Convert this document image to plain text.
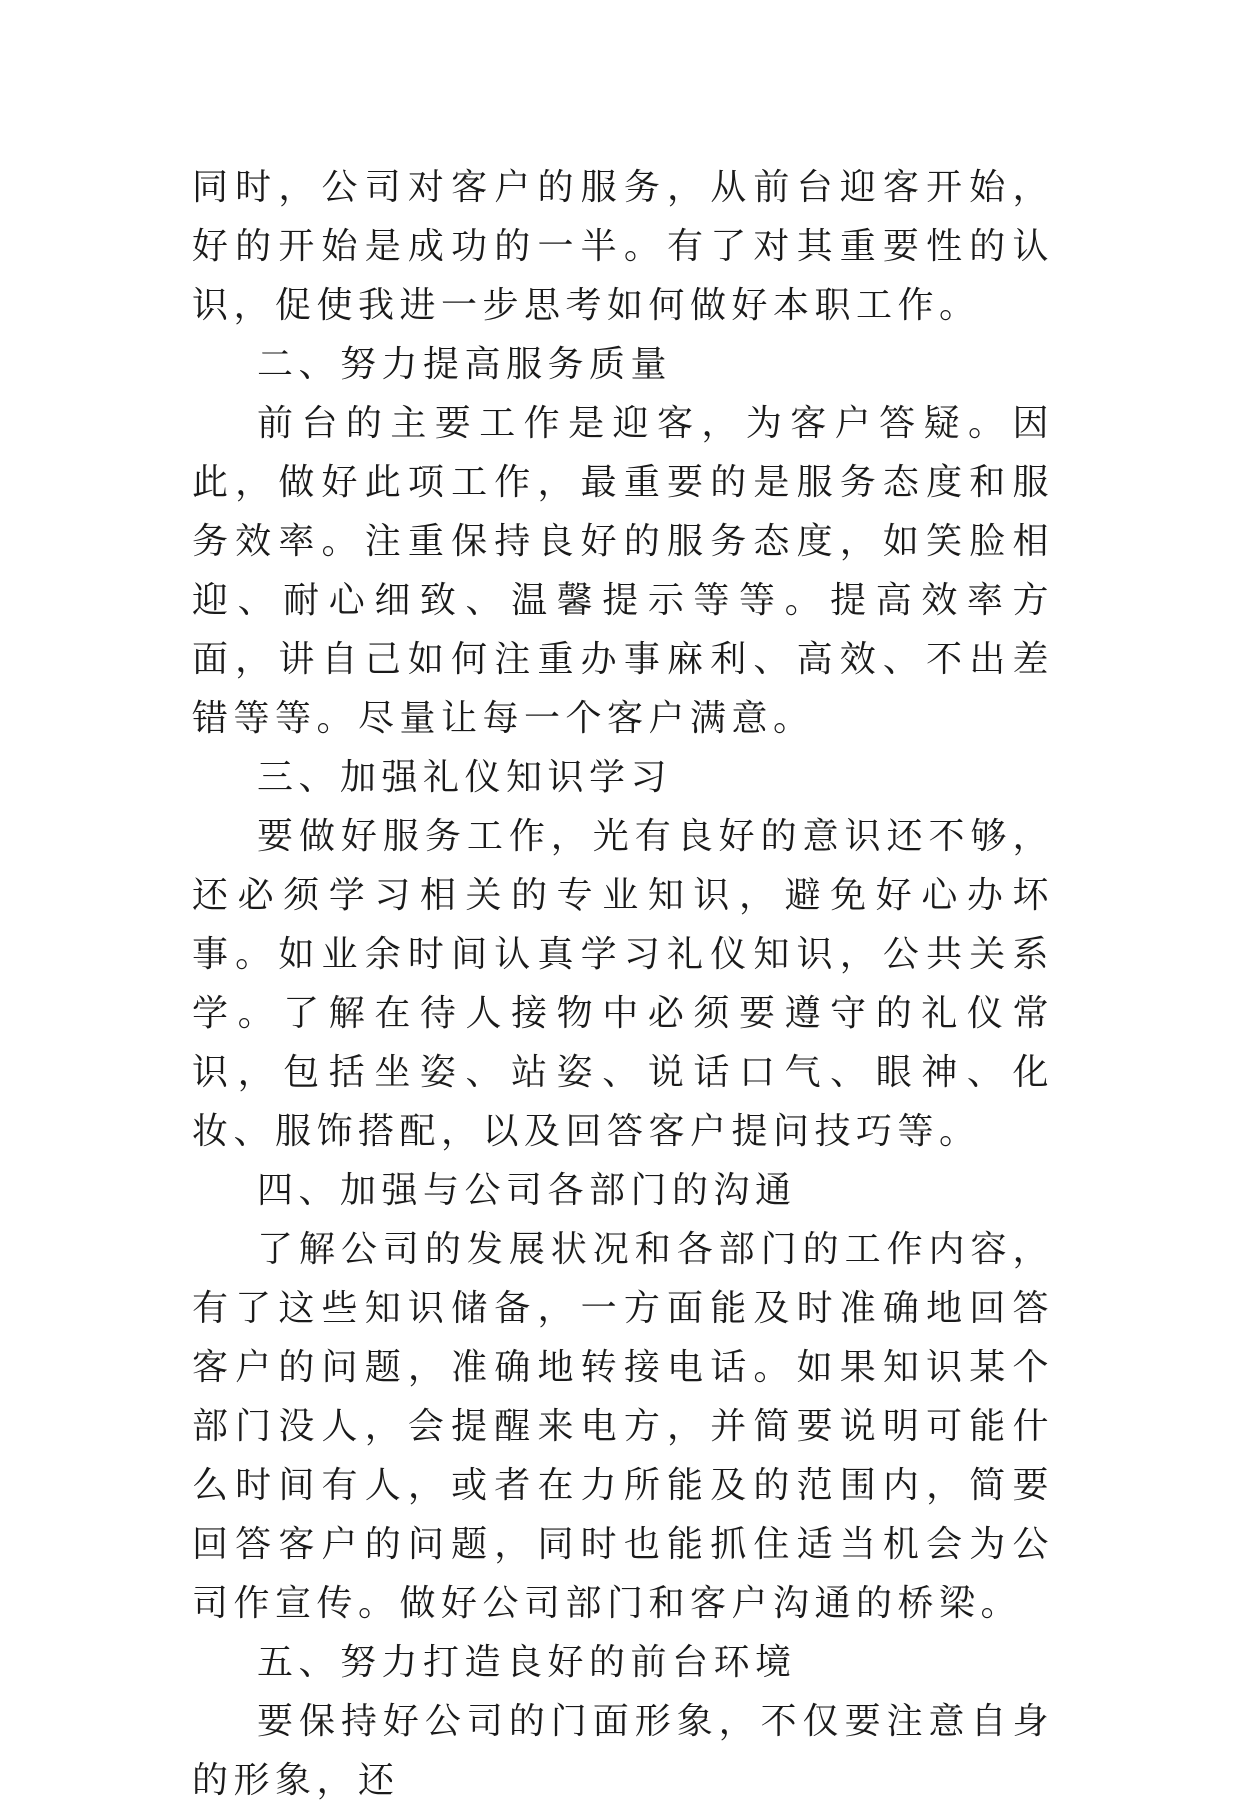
同时，公司对客户的服务，从前台迎客开始，好的开始是成功的一半。有了对其重要性的认识，促使我进一步思考如何做好本职工作。

二、努力提高服务质量

前台的主要工作是迎客，为客户答疑。因此，做好此项工作，最重要的是服务态度和服务效率。注重保持良好的服务态度，如笑脸相迎、耐心细致、温馨提示等等。提高效率方面，讲自己如何注重办事麻利、高效、不出差错等等。尽量让每一个客户满意。

三、加强礼仪知识学习

要做好服务工作，光有良好的意识还不够，还必须学习相关的专业知识，避免好心办坏事。如业余时间认真学习礼仪知识，公共关系学。了解在待人接物中必须要遵守的礼仪常识，包括坐姿、站姿、说话口气、眼神、化妆、服饰搭配，以及回答客户提问技巧等。

四、加强与公司各部门的沟通

了解公司的发展状况和各部门的工作内容，有了这些知识储备，一方面能及时准确地回答客户的问题，准确地转接电话。如果知识某个部门没人，会提醒来电方，并简要说明可能什么时间有人，或者在力所能及的范围内，简要回答客户的问题，同时也能抓住适当机会为公司作宣传。做好公司部门和客户沟通的桥梁。

五、努力打造良好的前台环境

要保持好公司的门面形象，不仅要注意自身的形象，还
